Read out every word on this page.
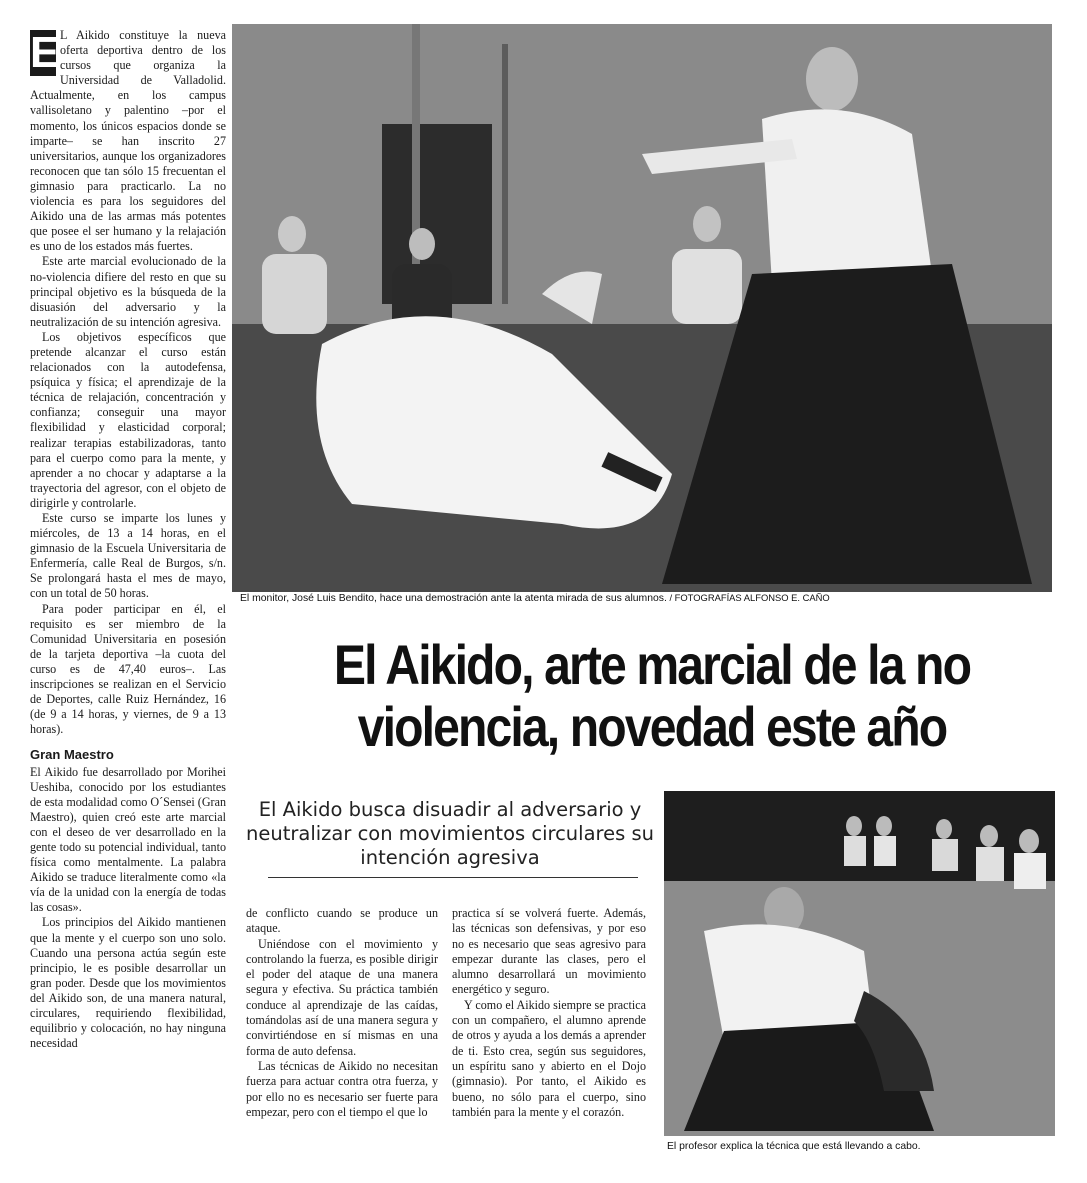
E L Aikido constituye la nueva oferta deportiva dentro de los cursos que organiza la Universidad de Valladolid. Actualmente, en los campus vallisoletano y palentino –por el momento, los únicos espacios donde se imparte– se han inscrito 27 universitarios, aunque los organizadores reconocen que tan sólo 15 frecuentan el gimnasio para practicarlo. La no violencia es para los seguidores del Aikido una de las armas más potentes que posee el ser humano y la relajación es uno de los estados más fuertes.

Este arte marcial evolucionado de la no-violencia difiere del resto en que su principal objetivo es la búsqueda de la disuasión del adversario y la neutralización de su intención agresiva.

Los objetivos específicos que pretende alcanzar el curso están relacionados con la autodefensa, psíquica y física; el aprendizaje de la técnica de relajación, concentración y confianza; conseguir una mayor flexibilidad y elasticidad corporal; realizar terapias estabilizadoras, tanto para el cuerpo como para la mente, y aprender a no chocar y adaptarse a la trayectoria del agresor, con el objeto de dirigirle y controlarle.

Este curso se imparte los lunes y miércoles, de 13 a 14 horas, en el gimnasio de la Escuela Universitaria de Enfermería, calle Real de Burgos, s/n. Se prolongará hasta el mes de mayo, con un total de 50 horas.

Para poder participar en él, el requisito es ser miembro de la Comunidad Universitaria en posesión de la tarjeta deportiva –la cuota del curso es de 47,40 euros–. Las inscripciones se realizan en el Servicio de Deportes, calle Ruiz Hernández, 16 (de 9 a 14 horas, y viernes, de 9 a 13 horas).

Gran Maestro

El Aikido fue desarrollado por Morihei Ueshiba, conocido por los estudiantes de esta modalidad como O´Sensei (Gran Maestro), quien creó este arte marcial con el deseo de ver desarrollado en la gente todo su potencial individual, tanto física como mentalmente. La palabra Aikido se traduce literalmente como «la vía de la unidad con la energía de todas las cosas».

Los principios del Aikido mantienen que la mente y el cuerpo son uno solo. Cuando una persona actúa según este principio, le es posible desarrollar un gran poder. Desde que los movimientos del Aikido son, de una manera natural, circulares, requiriendo flexibilidad, equilibrio y colocación, no hay ninguna necesidad

El monitor, José Luis Bendito, hace una demostración ante la atenta mirada de sus alumnos. / FOTOGRAFÍAS ALFONSO E. CAÑO
El Aikido, arte marcial de la no
violencia, novedad este año
El Aikido busca disuadir al adversario y neutralizar con movimientos circulares su intención agresiva

de conflicto cuando se produce un ataque.

Uniéndose con el movimiento y controlando la fuerza, es posible dirigir el poder del ataque de una manera segura y efectiva. Su práctica también conduce al aprendizaje de las caídas, tomándolas así de una manera segura y convirtiéndose en sí mismas en una forma de auto defensa.

Las técnicas de Aikido no necesitan fuerza para actuar contra otra fuerza, y por ello no es necesario ser fuerte para empezar, pero con el tiempo el que lo

practica sí se volverá fuerte. Además, las técnicas son defensivas, y por eso no es necesario que seas agresivo para empezar durante las clases, pero el alumno desarrollará un movimiento energético y seguro.

Y como el Aikido siempre se practica con un compañero, el alumno aprende de otros y ayuda a los demás a aprender de ti. Esto crea, según sus seguidores, un espíritu sano y abierto en el Dojo (gimnasio). Por tanto, el Aikido es bueno, no sólo para el cuerpo, sino también para la mente y el corazón.

El profesor explica la técnica que está llevando a cabo.
